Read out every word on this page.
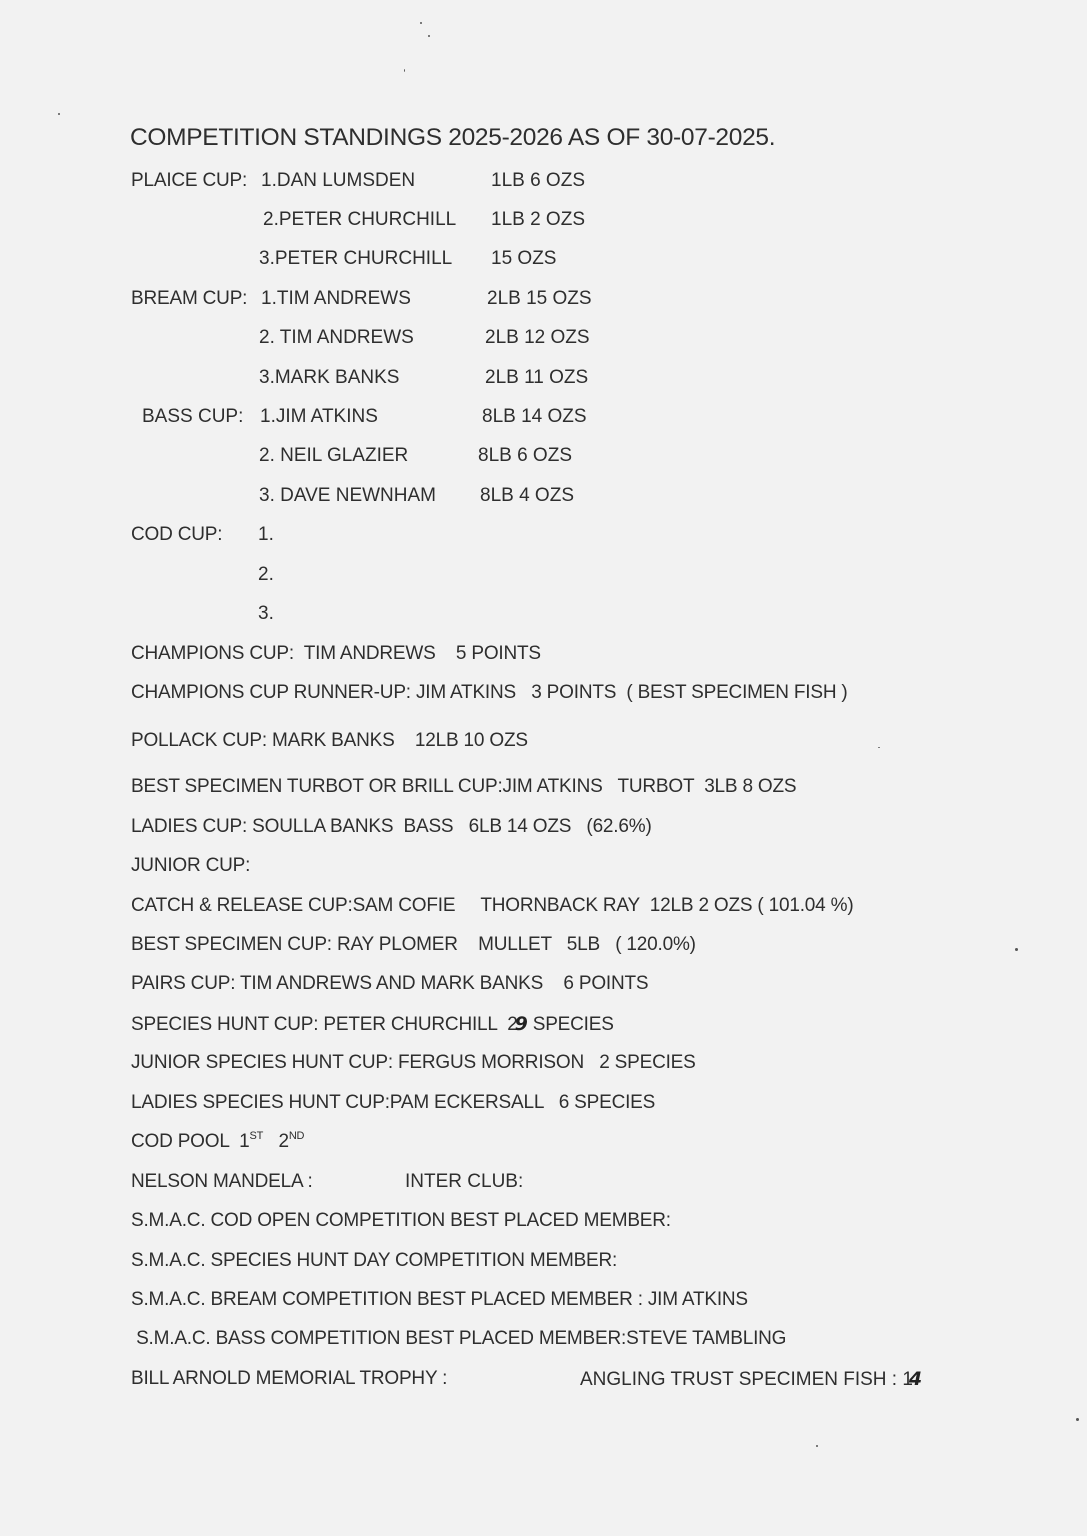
COMPETITION STANDINGS 2025-2026 AS OF 30-07-2025.
PLAICE CUP: 1.DAN LUMSDEN	1LB 6 OZS
2.PETER CHURCHILL 1LB 2 OZS
3.PETER CHURCHILL 15 OZS
BREAM CUP: 1.TIM ANDREWS	2LB 15 OZS
2. TIM ANDREWS	2LB 12 OZS
3.MARK BANKS	2LB 11 OZS
BASS CUP: 1.JIM ATKINS	8LB 14 OZS
2. NEIL GLAZIER	8LB 6 OZS
3. DAVE NEWNHAM 8LB 4 OZS
COD CUP: 1.
2.
3.
CHAMPIONS CUP:  TIM ANDREWS    5 POINTS
CHAMPIONS CUP RUNNER-UP: JIM ATKINS   3 POINTS  ( BEST SPECIMEN FISH )
POLLACK CUP: MARK BANKS    12LB 10 OZS
BEST SPECIMEN TURBOT OR BRILL CUP:JIM ATKINS   TURBOT  3LB 8 OZS
LADIES CUP: SOULLA BANKS  BASS   6LB 14 OZS   (62.6%)
JUNIOR CUP:
CATCH & RELEASE CUP:SAM COFIE     THORNBACK RAY  12LB 2 OZS ( 101.04 %)
BEST SPECIMEN CUP: RAY PLOMER    MULLET   5LB   ( 120.0%)
PAIRS CUP: TIM ANDREWS AND MARK BANKS    6 POINTS
SPECIES HUNT CUP: PETER CHURCHILL  29 SPECIES
JUNIOR SPECIES HUNT CUP: FERGUS MORRISON   2 SPECIES
LADIES SPECIES HUNT CUP:PAM ECKERSALL   6 SPECIES
COD POOL  1ST 2ND
NELSON MANDELA :	INTER CLUB:
S.M.A.C. COD OPEN COMPETITION BEST PLACED MEMBER:
S.M.A.C. SPECIES HUNT DAY COMPETITION MEMBER:
S.M.A.C. BREAM COMPETITION BEST PLACED MEMBER : JIM ATKINS
S.M.A.C. BASS COMPETITION BEST PLACED MEMBER:STEVE TAMBLING
BILL ARNOLD MEMORIAL TROPHY :	ANGLING TRUST SPECIMEN FISH : 14
